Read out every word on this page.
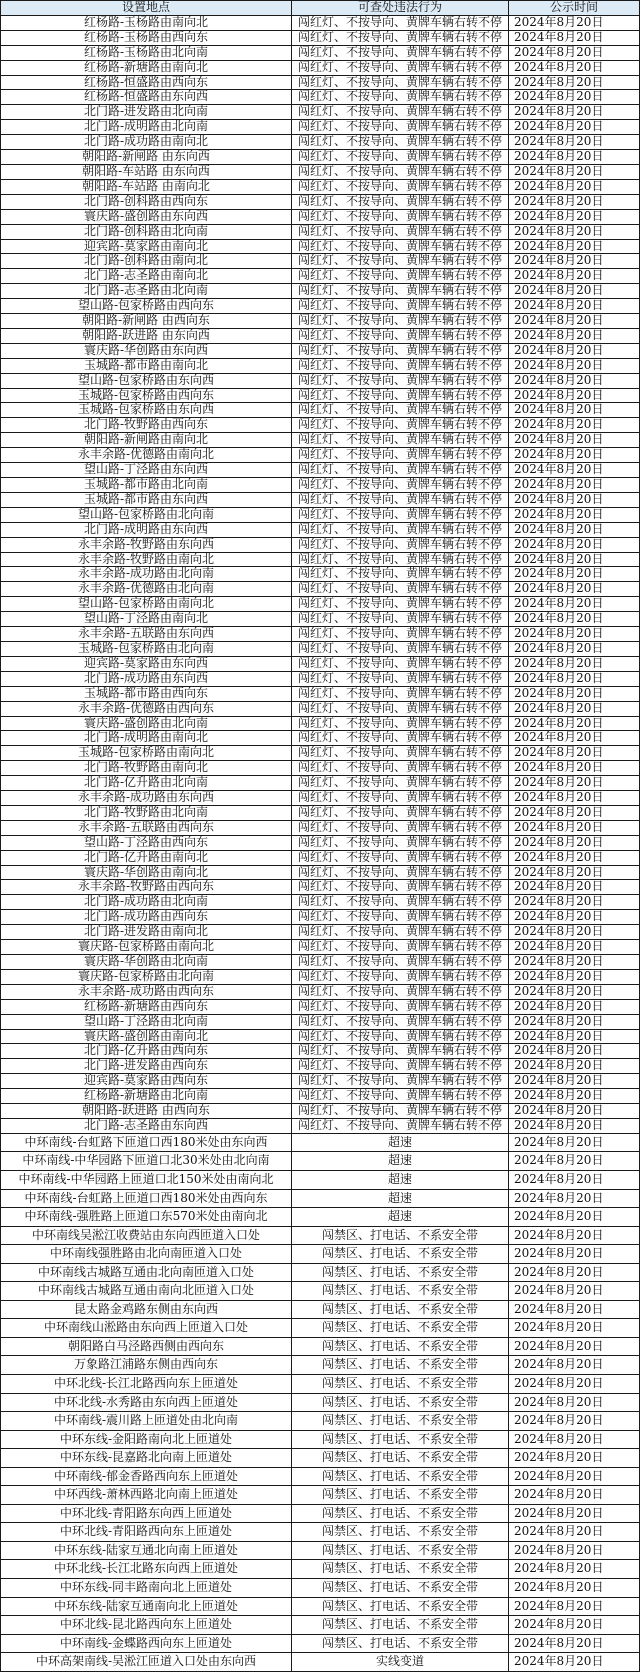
设置地点	可查处违法行为	公示时间
红杨路-玉杨路由南向北	闯红灯、不按导向、黄牌车辆右转不停	2024年8月20日
红杨路-玉杨路由西向东	闯红灯、不按导向、黄牌车辆右转不停	2024年8月20日
红杨路-玉杨路由北向南	闯红灯、不按导向、黄牌车辆右转不停	2024年8月20日
红杨路-新塘路由南向北	闯红灯、不按导向、黄牌车辆右转不停	2024年8月20日
红杨路-恒盛路由西向东	闯红灯、不按导向、黄牌车辆右转不停	2024年8月20日
红杨路-恒盛路由东向西	闯红灯、不按导向、黄牌车辆右转不停	2024年8月20日
北门路-进发路由北向南	闯红灯、不按导向、黄牌车辆右转不停	2024年8月20日
北门路-成明路由北向南	闯红灯、不按导向、黄牌车辆右转不停	2024年8月20日
北门路-成功路由南向北	闯红灯、不按导向、黄牌车辆右转不停	2024年8月20日
朝阳路-新闸路 由东向西	闯红灯、不按导向、黄牌车辆右转不停	2024年8月20日
朝阳路-车站路 由东向西	闯红灯、不按导向、黄牌车辆右转不停	2024年8月20日
朝阳路-车站路 由南向北	闯红灯、不按导向、黄牌车辆右转不停	2024年8月20日
北门路-创科路由西向东	闯红灯、不按导向、黄牌车辆右转不停	2024年8月20日
寰庆路-盛创路由东向西	闯红灯、不按导向、黄牌车辆右转不停	2024年8月20日
北门路-创科路由北向南	闯红灯、不按导向、黄牌车辆右转不停	2024年8月20日
迎宾路-莫家路由南向北	闯红灯、不按导向、黄牌车辆右转不停	2024年8月20日
北门路-创科路由南向北	闯红灯、不按导向、黄牌车辆右转不停	2024年8月20日
北门路-志圣路由南向北	闯红灯、不按导向、黄牌车辆右转不停	2024年8月20日
北门路-志圣路由北向南	闯红灯、不按导向、黄牌车辆右转不停	2024年8月20日
望山路-包家桥路由西向东	闯红灯、不按导向、黄牌车辆右转不停	2024年8月20日
朝阳路-新闸路 由西向东	闯红灯、不按导向、黄牌车辆右转不停	2024年8月20日
朝阳路-跃进路 由东向西	闯红灯、不按导向、黄牌车辆右转不停	2024年8月20日
寰庆路-华创路由东向西	闯红灯、不按导向、黄牌车辆右转不停	2024年8月20日
玉城路-都市路由南向北	闯红灯、不按导向、黄牌车辆右转不停	2024年8月20日
望山路-包家桥路由东向西	闯红灯、不按导向、黄牌车辆右转不停	2024年8月20日
玉城路-包家桥路由西向东	闯红灯、不按导向、黄牌车辆右转不停	2024年8月20日
玉城路-包家桥路由东向西	闯红灯、不按导向、黄牌车辆右转不停	2024年8月20日
北门路-牧野路由西向东	闯红灯、不按导向、黄牌车辆右转不停	2024年8月20日
朝阳路-新闸路由南向北	闯红灯、不按导向、黄牌车辆右转不停	2024年8月20日
永丰余路-优德路由南向北	闯红灯、不按导向、黄牌车辆右转不停	2024年8月20日
望山路-丁泾路由东向西	闯红灯、不按导向、黄牌车辆右转不停	2024年8月20日
玉城路-都市路由北向南	闯红灯、不按导向、黄牌车辆右转不停	2024年8月20日
玉城路-都市路由东向西	闯红灯、不按导向、黄牌车辆右转不停	2024年8月20日
望山路-包家桥路由北向南	闯红灯、不按导向、黄牌车辆右转不停	2024年8月20日
北门路-成明路由东向西	闯红灯、不按导向、黄牌车辆右转不停	2024年8月20日
永丰余路-牧野路由东向西	闯红灯、不按导向、黄牌车辆右转不停	2024年8月20日
永丰余路-牧野路由南向北	闯红灯、不按导向、黄牌车辆右转不停	2024年8月20日
永丰余路-成功路由北向南	闯红灯、不按导向、黄牌车辆右转不停	2024年8月20日
永丰余路-优德路由北向南	闯红灯、不按导向、黄牌车辆右转不停	2024年8月20日
望山路-包家桥路由南向北	闯红灯、不按导向、黄牌车辆右转不停	2024年8月20日
望山路-丁泾路由南向北	闯红灯、不按导向、黄牌车辆右转不停	2024年8月20日
永丰余路-五联路由东向西	闯红灯、不按导向、黄牌车辆右转不停	2024年8月20日
玉城路-包家桥路由北向南	闯红灯、不按导向、黄牌车辆右转不停	2024年8月20日
迎宾路-莫家路由东向西	闯红灯、不按导向、黄牌车辆右转不停	2024年8月20日
北门路-成功路由东向西	闯红灯、不按导向、黄牌车辆右转不停	2024年8月20日
玉城路-都市路由西向东	闯红灯、不按导向、黄牌车辆右转不停	2024年8月20日
永丰余路-优德路由西向东	闯红灯、不按导向、黄牌车辆右转不停	2024年8月20日
寰庆路-盛创路由北向南	闯红灯、不按导向、黄牌车辆右转不停	2024年8月20日
北门路-成明路由南向北	闯红灯、不按导向、黄牌车辆右转不停	2024年8月20日
玉城路-包家桥路由南向北	闯红灯、不按导向、黄牌车辆右转不停	2024年8月20日
北门路-牧野路由南向北	闯红灯、不按导向、黄牌车辆右转不停	2024年8月20日
北门路-亿升路由北向南	闯红灯、不按导向、黄牌车辆右转不停	2024年8月20日
永丰余路-成功路由东向西	闯红灯、不按导向、黄牌车辆右转不停	2024年8月20日
北门路-牧野路由北向南	闯红灯、不按导向、黄牌车辆右转不停	2024年8月20日
永丰余路-五联路由西向东	闯红灯、不按导向、黄牌车辆右转不停	2024年8月20日
望山路-丁泾路由西向东	闯红灯、不按导向、黄牌车辆右转不停	2024年8月20日
北门路-亿升路由南向北	闯红灯、不按导向、黄牌车辆右转不停	2024年8月20日
寰庆路-华创路由南向北	闯红灯、不按导向、黄牌车辆右转不停	2024年8月20日
永丰余路-牧野路由西向东	闯红灯、不按导向、黄牌车辆右转不停	2024年8月20日
北门路-成功路由北向南	闯红灯、不按导向、黄牌车辆右转不停	2024年8月20日
北门路-成功路由西向东	闯红灯、不按导向、黄牌车辆右转不停	2024年8月20日
北门路-进发路由南向北	闯红灯、不按导向、黄牌车辆右转不停	2024年8月20日
寰庆路-包家桥路由南向北	闯红灯、不按导向、黄牌车辆右转不停	2024年8月20日
寰庆路-华创路由北向南	闯红灯、不按导向、黄牌车辆右转不停	2024年8月20日
寰庆路-包家桥路由北向南	闯红灯、不按导向、黄牌车辆右转不停	2024年8月20日
永丰余路-成功路由西向东	闯红灯、不按导向、黄牌车辆右转不停	2024年8月20日
红杨路-新塘路由西向东	闯红灯、不按导向、黄牌车辆右转不停	2024年8月20日
望山路-丁泾路由北向南	闯红灯、不按导向、黄牌车辆右转不停	2024年8月20日
寰庆路-盛创路由南向北	闯红灯、不按导向、黄牌车辆右转不停	2024年8月20日
北门路-亿升路由西向东	闯红灯、不按导向、黄牌车辆右转不停	2024年8月20日
北门路-进发路由西向东	闯红灯、不按导向、黄牌车辆右转不停	2024年8月20日
迎宾路-莫家路由西向东	闯红灯、不按导向、黄牌车辆右转不停	2024年8月20日
红杨路-新塘路由北向南	闯红灯、不按导向、黄牌车辆右转不停	2024年8月20日
朝阳路-跃进路 由西向东	闯红灯、不按导向、黄牌车辆右转不停	2024年8月20日
北门路-志圣路由东向西	闯红灯、不按导向、黄牌车辆右转不停	2024年8月20日
中环南线-台虹路下匝道口西180米处由东向西	超速	2024年8月20日
中环南线-中华园路下匝道口北30米处由北向南	超速	2024年8月20日
中环南线-中华园路上匝道口北150米处由南向北	超速	2024年8月20日
中环南线-台虹路上匝道口西180米处由西向东	超速	2024年8月20日
中环南线-强胜路上匝道口东570米处由南向北	超速	2024年8月20日
中环南线吴淞江收费站由东向西匝道入口处	闯禁区、打电话、不系安全带	2024年8月20日
中环南线强胜路由北向南匝道入口处	闯禁区、打电话、不系安全带	2024年8月20日
中环南线古城路互通由北向南匝道入口处	闯禁区、打电话、不系安全带	2024年8月20日
中环南线古城路互通由南向北匝道入口处	闯禁区、打电话、不系安全带	2024年8月20日
昆太路金鸡路东侧由东向西	闯禁区、打电话、不系安全带	2024年8月20日
中环南线山淞路由东向西上匝道入口处	闯禁区、打电话、不系安全带	2024年8月20日
朝阳路白马泾路西侧由西向东	闯禁区、打电话、不系安全带	2024年8月20日
万象路江浦路东侧由西向东	闯禁区、打电话、不系安全带	2024年8月20日
中环北线-长江北路西向东上匝道处	闯禁区、打电话、不系安全带	2024年8月20日
中环北线-水秀路由东向西上匝道处	闯禁区、打电话、不系安全带	2024年8月20日
中环南线-震川路上匝道处由北向南	闯禁区、打电话、不系安全带	2024年8月20日
中环东线-金阳路南向北上匝道处	闯禁区、打电话、不系安全带	2024年8月20日
中环东线-昆嘉路北向南上匝道处	闯禁区、打电话、不系安全带	2024年8月20日
中环南线-郁金香路西向东上匝道处	闯禁区、打电话、不系安全带	2024年8月20日
中环西线-萧林西路北向南上匝道处	闯禁区、打电话、不系安全带	2024年8月20日
中环北线-青阳路东向西上匝道处	闯禁区、打电话、不系安全带	2024年8月20日
中环北线-青阳路西向东上匝道处	闯禁区、打电话、不系安全带	2024年8月20日
中环东线-陆家互通北向南上匝道处	闯禁区、打电话、不系安全带	2024年8月20日
中环北线-长江北路东向西上匝道处	闯禁区、打电话、不系安全带	2024年8月20日
中环东线-同丰路南向北上匝道处	闯禁区、打电话、不系安全带	2024年8月20日
中环东线-陆家互通南向北上匝道处	闯禁区、打电话、不系安全带	2024年8月20日
中环北线-昆北路西向东上匝道处	闯禁区、打电话、不系安全带	2024年8月20日
中环南线-金蝶路西向东上匝道处	闯禁区、打电话、不系安全带	2024年8月20日
中环高架南线-吴淞江匝道入口处由东向西	实线变道	2024年8月20日
